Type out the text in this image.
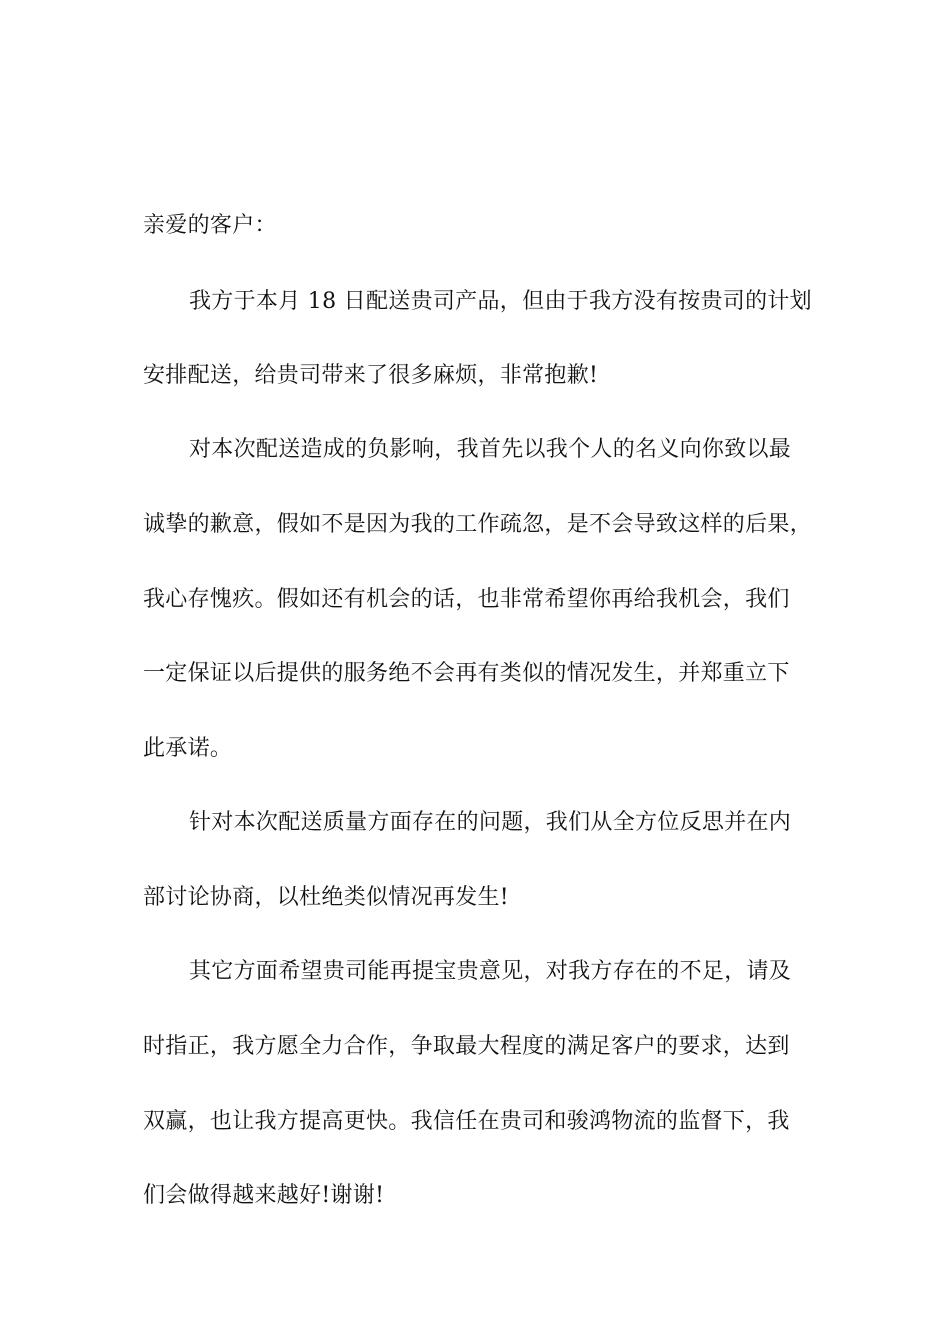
亲爱的客户：
我方于本月 18 日配送贵司产品，但由于我方没有按贵司的计划
安排配送，给贵司带来了很多麻烦，非常抱歉!
对本次配送造成的负影响，我首先以我个人的名义向你致以最
诚挚的歉意，假如不是因为我的工作疏忽，是不会导致这样的后果，
我心存愧疚。假如还有机会的话，也非常希望你再给我机会，我们
一定保证以后提供的服务绝不会再有类似的情况发生，并郑重立下
此承诺。
针对本次配送质量方面存在的问题，我们从全方位反思并在内
部讨论协商，以杜绝类似情况再发生!
其它方面希望贵司能再提宝贵意见，对我方存在的不足，请及
时指正，我方愿全力合作，争取最大程度的满足客户的要求，达到
双赢，也让我方提高更快。我信任在贵司和骏鸿物流的监督下，我
们会做得越来越好!谢谢!
